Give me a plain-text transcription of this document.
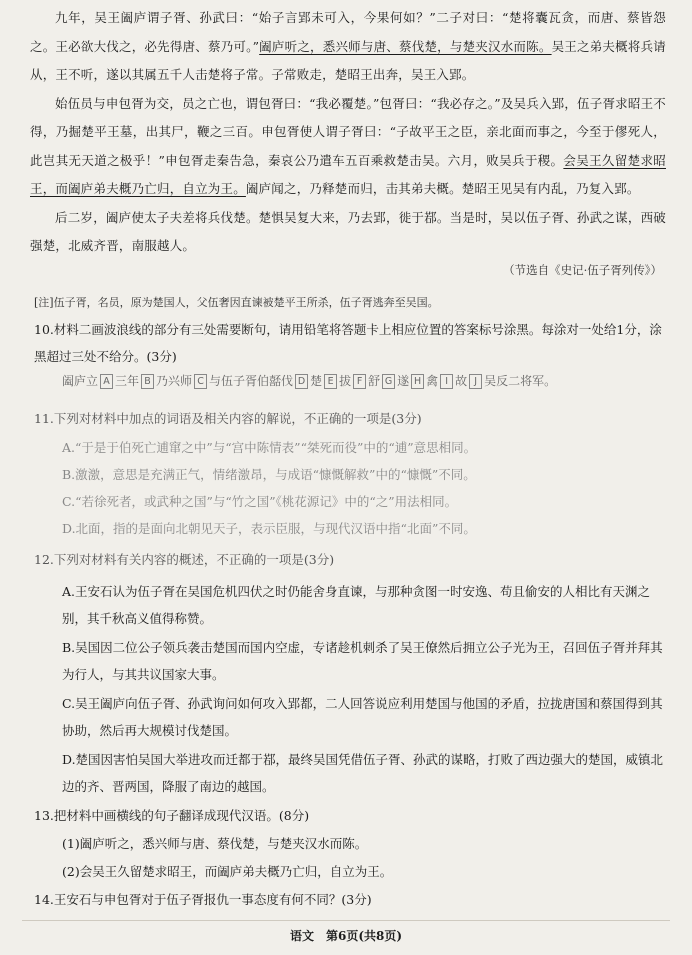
九年，吴王阖庐谓子胥、孙武曰：“始子言郢未可入，今果何如？”二子对曰：“楚将囊瓦贪，而唐、蔡皆怨之。王必欲大伐之，必先得唐、蔡乃可。”阖庐听之，悉兴师与唐、蔡伐楚，与楚夹汉水而陈。吴王之弟夫概将兵请从，王不听，遂以其属五千人击楚将子常。子常败走，楚昭王出奔，吴王入郢。

始伍员与申包胥为交，员之亡也，谓包胥曰：“我必覆楚。”包胥曰：“我必存之。”及吴兵入郢，伍子胥求昭王不得，乃掘楚平王墓，出其尸，鞭之三百。申包胥使人谓子胥曰：“子故平王之臣，亲北面而事之，今至于僇死人，此岂其无天道之极乎！”申包胥走秦告急，秦哀公乃遣车五百乘救楚击吴。六月，败吴兵于稷。会吴王久留楚求昭王，而阖庐弟夫概乃亡归，自立为王。阖庐闻之，乃释楚而归，击其弟夫概。楚昭王见吴有内乱，乃复入郢。

后二岁，阖庐使太子夫差将兵伐楚。楚惧吴复大来，乃去郢，徙于鄀。当是时，吴以伍子胥、孙武之谋，西破强楚，北威齐晋，南服越人。

（节选自《史记·伍子胥列传》）
[注]伍子胥，名员，原为楚国人，父伍奢因直谏被楚平王所杀，伍子胥逃奔至吴国。
10.材料二画波浪线的部分有三处需要断句，请用铅笔将答题卡上相应位置的答案标号涂黑。每涂对一处给1分，涂黑超过三处不给分。(3分)
阖庐立 A 三年 B 乃兴师 C 与伍子胥伯嚭伐 D 楚 E 拔 F 舒 G 遂 H 禽 I 故 J 吴反二将军。
11.下列对材料中加点的词语及相关内容的解说，不正确的一项是(3分)
A.“于是于伯死亡逋窜之中”与“宫中陈情表”“桀死而役”中的“逋”意思相同。
B.激激，意思是充满正气，情绪激昂，与成语“慷慨解救”中的“慷慨”不同。
C.“若徐死者，或武种之国”与“竹之国”《桃花源记》中的“之”用法相同。
D.北面，指的是面向北朝见天子，表示臣服，与现代汉语中指“北面”不同。
12.下列对材料有关内容的概述，不正确的一项是(3分)
A.王安石认为伍子胥在吴国危机四伏之时仍能舍身直谏，与那种贪图一时安逸、苟且偷安的人相比有天渊之别，其千秋高义值得称赞。
B.吴国因二位公子领兵袭击楚国而国内空虚，专诸趁机刺杀了吴王僚然后拥立公子光为王，召回伍子胥并拜其为行人，与其共议国家大事。
C.吴王阖庐向伍子胥、孙武询问如何攻入郢都，二人回答说应利用楚国与他国的矛盾，拉拢唐国和蔡国得到其协助，然后再大规模讨伐楚国。
D.楚国因害怕吴国大举进攻而迁都于鄀，最终吴国凭借伍子胥、孙武的谋略，打败了西边强大的楚国，威镇北边的齐、晋两国，降服了南边的越国。
13.把材料中画横线的句子翻译成现代汉语。(8分)
(1)阖庐听之，悉兴师与唐、蔡伐楚，与楚夹汉水而陈。
(2)会吴王久留楚求昭王，而阖庐弟夫概乃亡归，自立为王。
14.王安石与申包胥对于伍子胥报仇一事态度有何不同？(3分)
语文　第6页(共8页)
